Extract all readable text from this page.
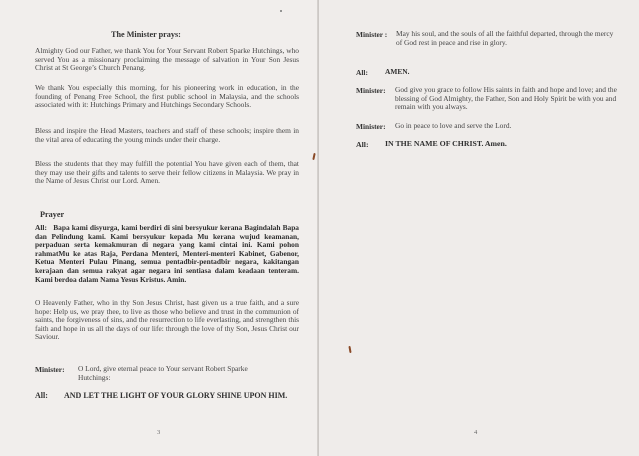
The Minister prays:
Almighty God our Father, we thank You for Your Servant Robert Sparke Hutchings, who served You as a missionary proclaiming the message of salvation in Your Son Jesus Christ at St George’s Church Penang.
We thank You especially this morning, for his pioneering work in education, in the founding of Penang Free School, the first public school in Malaysia, and the schools associated with it: Hutchings Primary and Hutchings Secondary Schools.
Bless and inspire the Head Masters, teachers and staff of these schools; inspire them in the vital area of educating the young minds under their charge.
Bless the students that they may fulfill the potential You have given each of them, that they may use their gifts and talents to serve their fellow citizens in Malaysia. We pray in the Name of Jesus Christ our Lord. Amen.
Prayer
All: Bapa kami disyurga, kami berdiri di sini bersyukur kerana Bagindalah Bapa dan Pelindung kami. Kami bersyukur kepada Mu kerana wujud keamanan, perpaduan serta kemakmuran di negara yang kami cintai ini. Kami pohon rahmatMu ke atas Raja, Perdana Menteri, Menteri-menteri Kabinet, Gabenor, Ketua Menteri Pulau Pinang, semua pentadbir-pentadbir negara, kakitangan kerajaan dan semua rakyat agar negara ini sentiasa dalam keadaan tenteram. Kami berdoa dalam Nama Yesus Kristus. Amin.
O Heavenly Father, who in thy Son Jesus Christ, hast given us a true faith, and a sure hope: Help us, we pray thee, to live as those who believe and trust in the communion of saints, the forgiveness of sins, and the resurrection to life everlasting, and strengthen this faith and hope in us all the days of our life: through the love of thy Son, Jesus Christ our Saviour.
Minister: O Lord, give eternal peace to Your servant Robert Sparke Hutchings:
All: AND LET THE LIGHT OF YOUR GLORY SHINE UPON HIM.
3
Minister : May his soul, and the souls of all the faithful departed, through the mercy of God rest in peace and rise in glory.
All: AMEN.
Minister: God give you grace to follow His saints in faith and hope and love; and the blessing of God Almighty, the Father, Son and Holy Spirit be with you and remain with you always.
Minister: Go in peace to love and serve the Lord.
All: IN THE NAME OF CHRIST. Amen.
4
